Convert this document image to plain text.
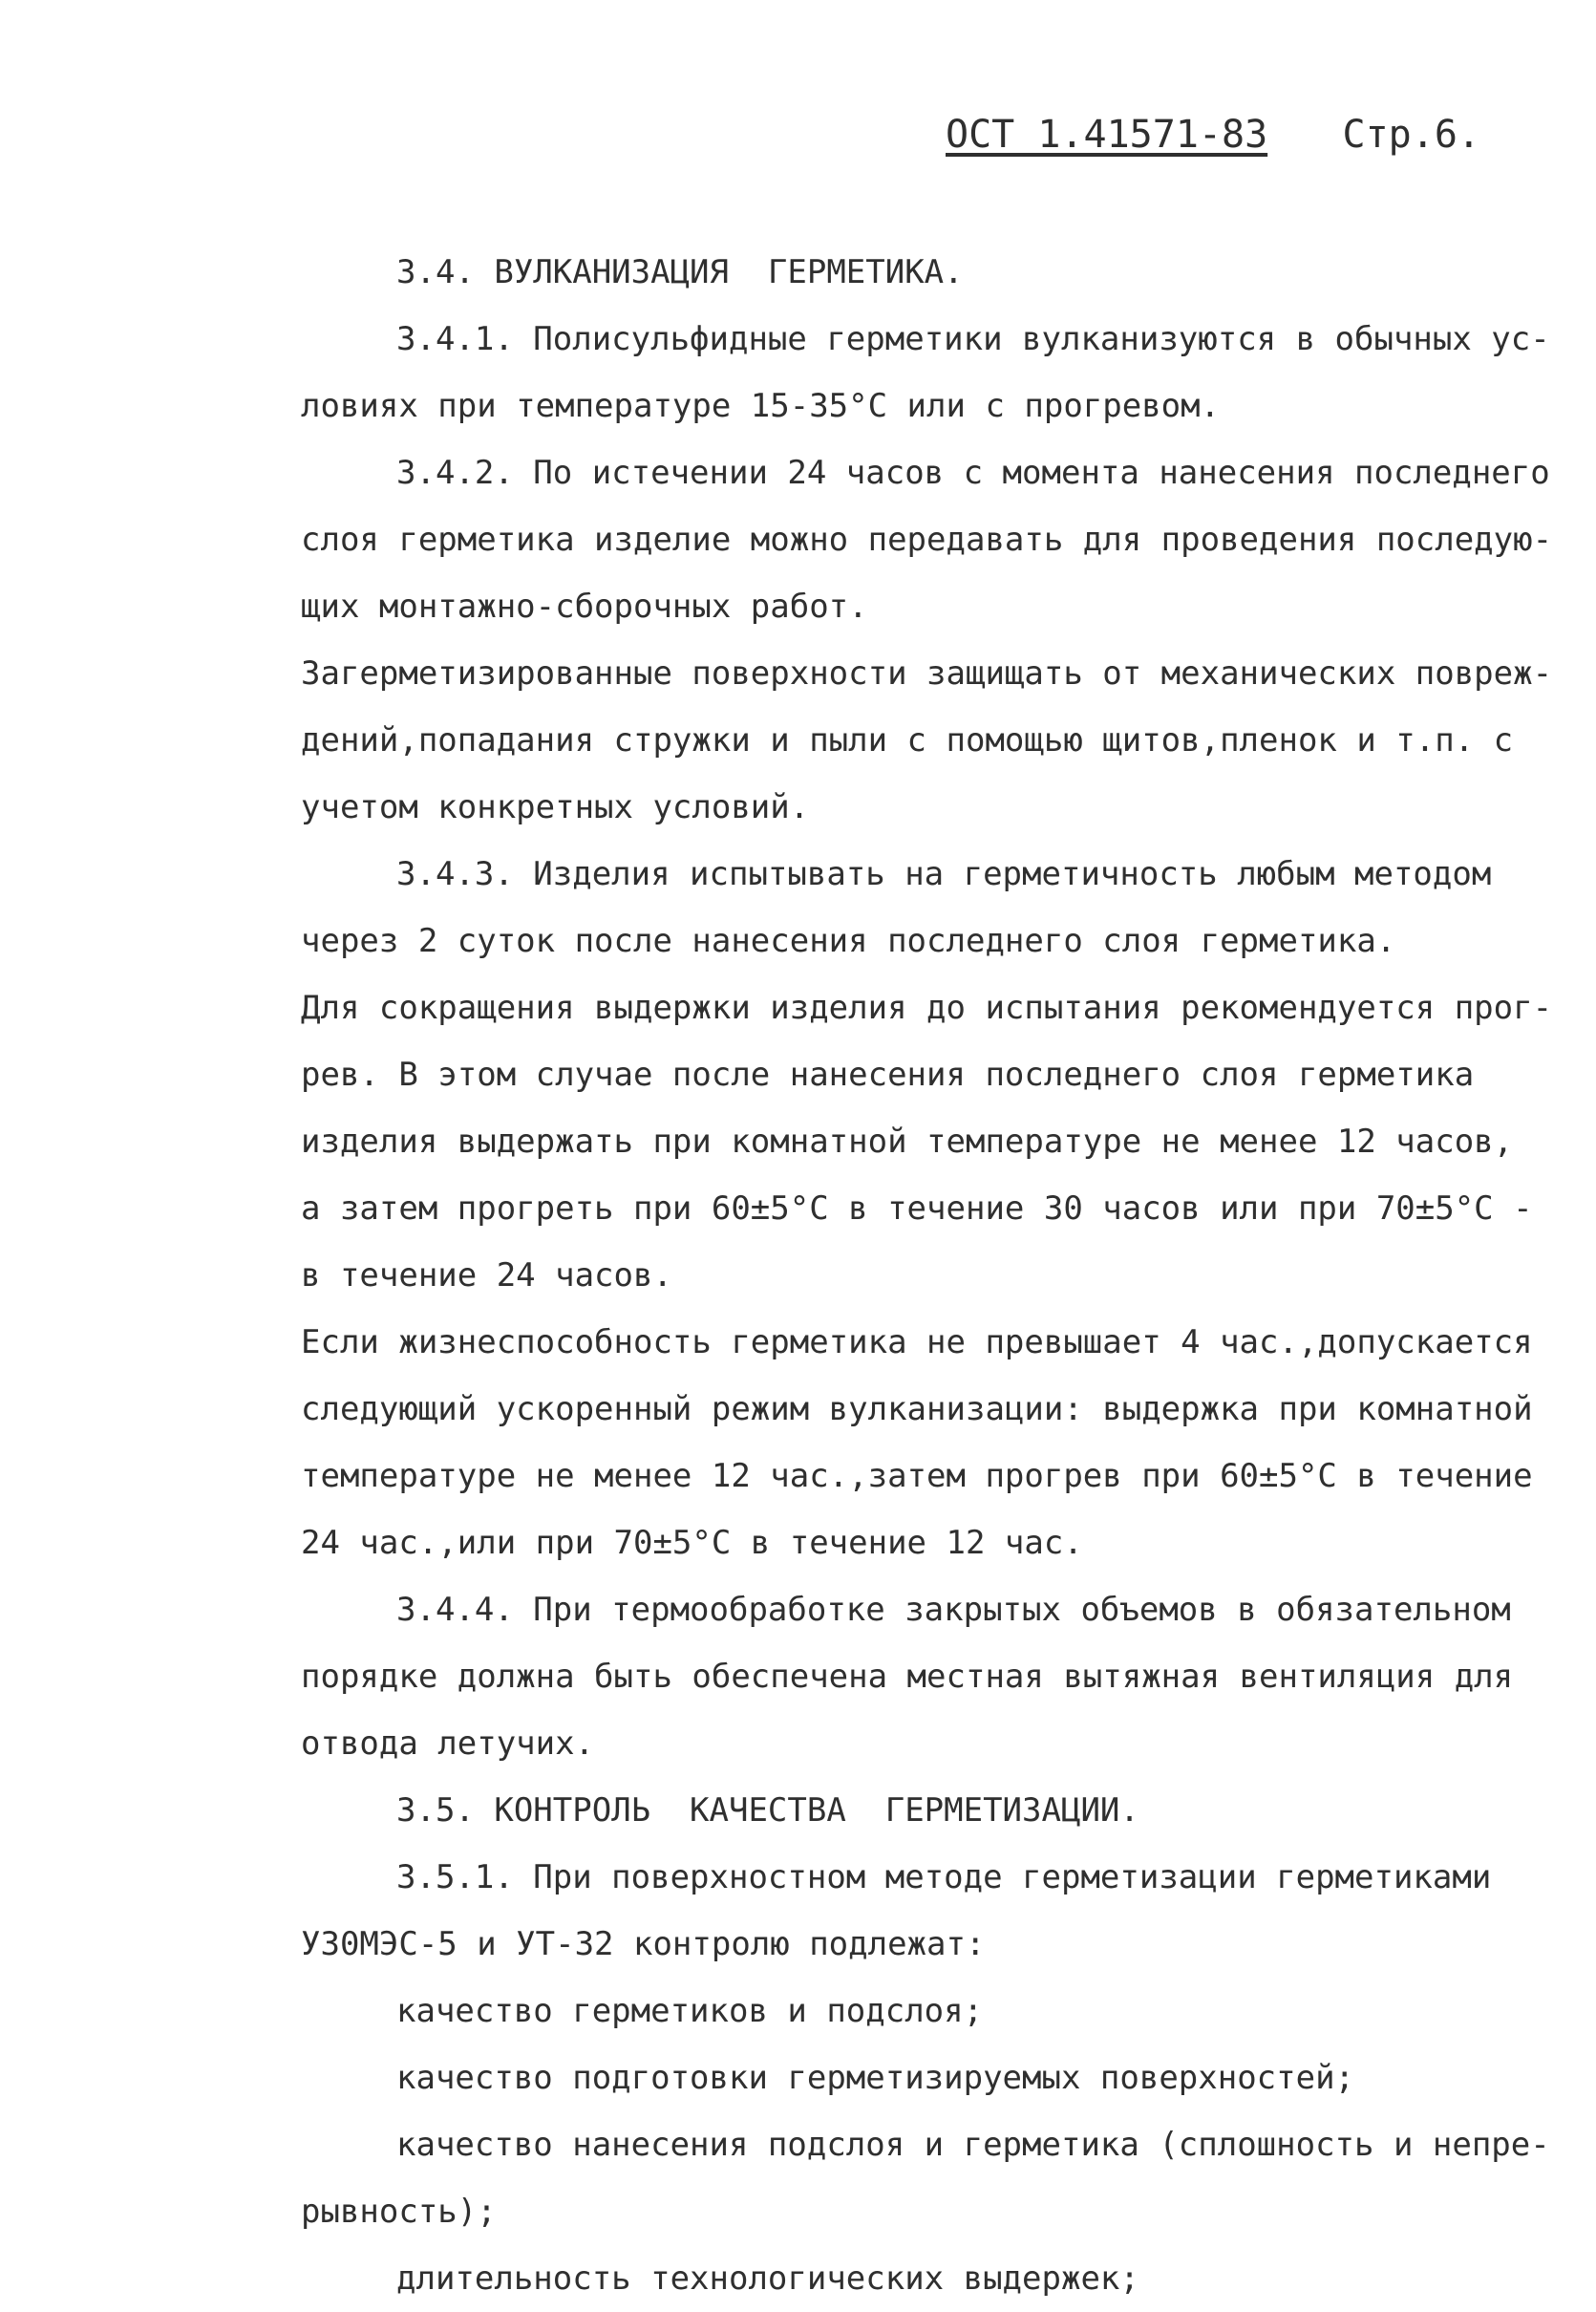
ОСТ 1.41571-83 Стр.6.
3.4. ВУЛКАНИЗАЦИЯ  ГЕРМЕТИКА.
3.4.1. Полисульфидные герметики вулканизуются в обычных ус-
ловиях при температуре 15-35°С или с прогревом.
3.4.2. По истечении 24 часов с момента нанесения последнего
слоя герметика изделие можно передавать для проведения последую-
щих монтажно-сборочных работ.
Загерметизированные поверхности защищать от механических повреж-
дений,попадания стружки и пыли с помощью щитов,пленок и т.п. с
учетом конкретных условий.
3.4.3. Изделия испытывать на герметичность любым методом
через 2 суток после нанесения последнего слоя герметика.
Для сокращения выдержки изделия до испытания рекомендуется прог-
рев. В этом случае после нанесения последнего слоя герметика
изделия выдержать при комнатной температуре не менее 12 часов,
а затем прогреть при 60±5°С в течение 30 часов или при 70±5°С -
в течение 24 часов.
Если жизнеспособность герметика не превышает 4 час.,допускается
следующий ускоренный режим вулканизации: выдержка при комнатной
температуре не менее 12 час.,затем прогрев при 60±5°С в течение
24 час.,или при 70±5°С в течение 12 час.
3.4.4. При термообработке закрытых объемов в обязательном
порядке должна быть обеспечена местная вытяжная вентиляция для
отвода летучих.
3.5. КОНТРОЛЬ  КАЧЕСТВА  ГЕРМЕТИЗАЦИИ.
3.5.1. При поверхностном методе герметизации герметиками
У30МЭС-5 и УТ-32 контролю подлежат:
качество герметиков и подслоя;
качество подготовки герметизируемых поверхностей;
качество нанесения подслоя и герметика (сплошность и непре-
рывность);
длительность технологических выдержек;
